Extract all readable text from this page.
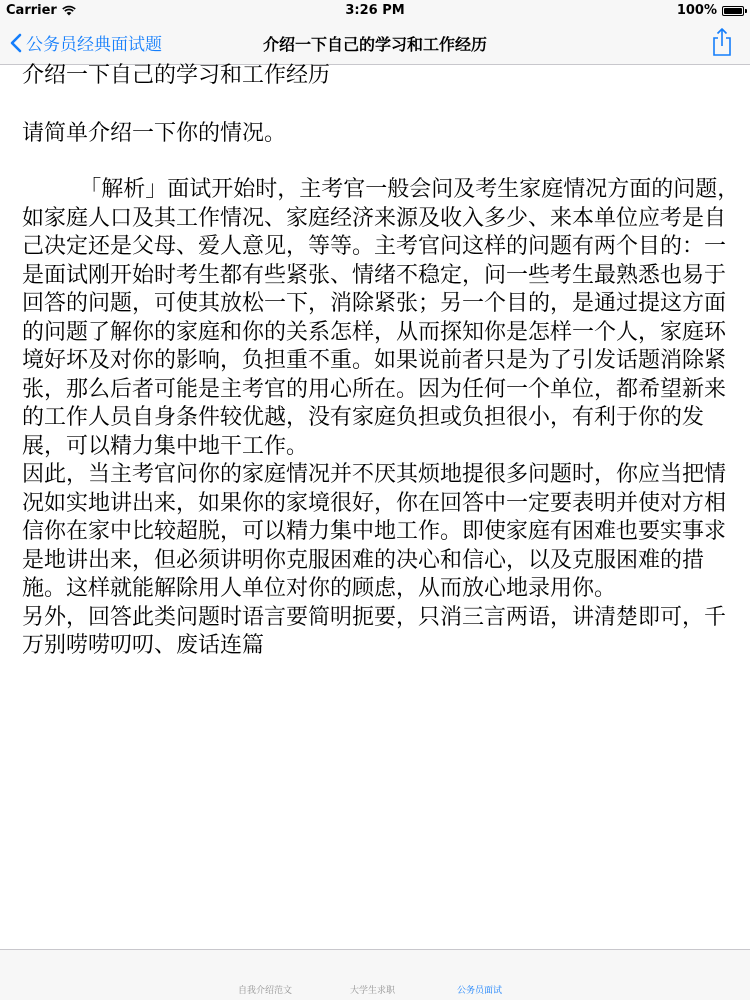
Carrier	3:26 PM	100%
公务员经典面试题	介绍一下自己的学习和工作经历

介绍一下自己的学习和工作经历

请简单介绍一下你的情况。

「解析」面试开始时，主考官一般会问及考生家庭情况方面的问题，如家庭人口及其工作情况、家庭经济来源及收入多少、来本单位应考是自己决定还是父母、爱人意见，等等。主考官问这样的问题有两个目的：一是面试刚开始时考生都有些紧张、情绪不稳定，问一些考生最熟悉也易于回答的问题，可使其放松一下，消除紧张；另一个目的，是通过提这方面的问题了解你的家庭和你的关系怎样，从而探知你是怎样一个人，家庭环境好坏及对你的影响，负担重不重。如果说前者只是为了引发话题消除紧张，那么后者可能是主考官的用心所在。因为任何一个单位，都希望新来的工作人员自身条件较优越，没有家庭负担或负担很小，有利于你的发展，可以精力集中地干工作。

因此，当主考官问你的家庭情况并不厌其烦地提很多问题时，你应当把情况如实地讲出来，如果你的家境很好，你在回答中一定要表明并使对方相信你在家中比较超脱，可以精力集中地工作。即使家庭有困难也要实事求是地讲出来，但必须讲明你克服困难的决心和信心，以及克服困难的措施。这样就能解除用人单位对你的顾虑，从而放心地录用你。

另外，回答此类问题时语言要简明扼要，只消三言两语，讲清楚即可，千万别唠唠叨叨、废话连篇

自我介绍范文	大学生求职	公务员面试
